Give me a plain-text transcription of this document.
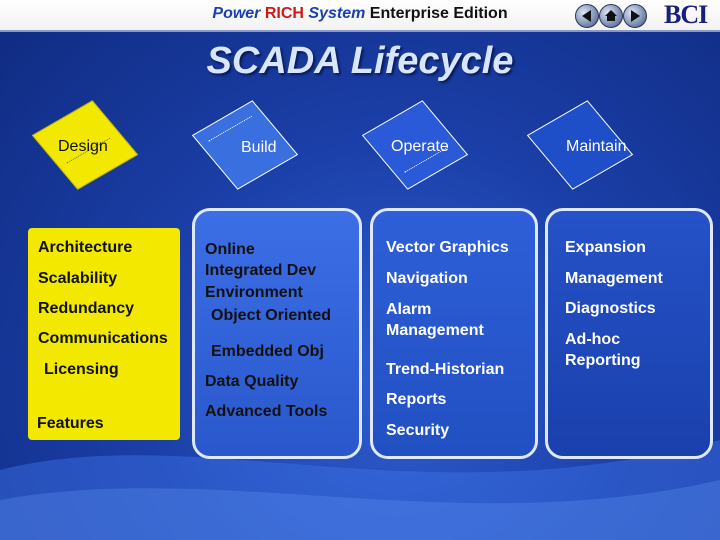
Power RICH System Enterprise Edition	BCI
SCADA Lifecycle
Design	Build	Operate	Maintain
Architecture
Scalability
Redundancy
Communications
Licensing
Features
Online
Integrated Dev
Environment
Object Oriented
Embedded Obj
Data Quality
Advanced Tools
Vector Graphics
Navigation
Alarm
Management
Trend-Historian
Reports
Security
Expansion
Management
Diagnostics
Ad-hoc
Reporting
